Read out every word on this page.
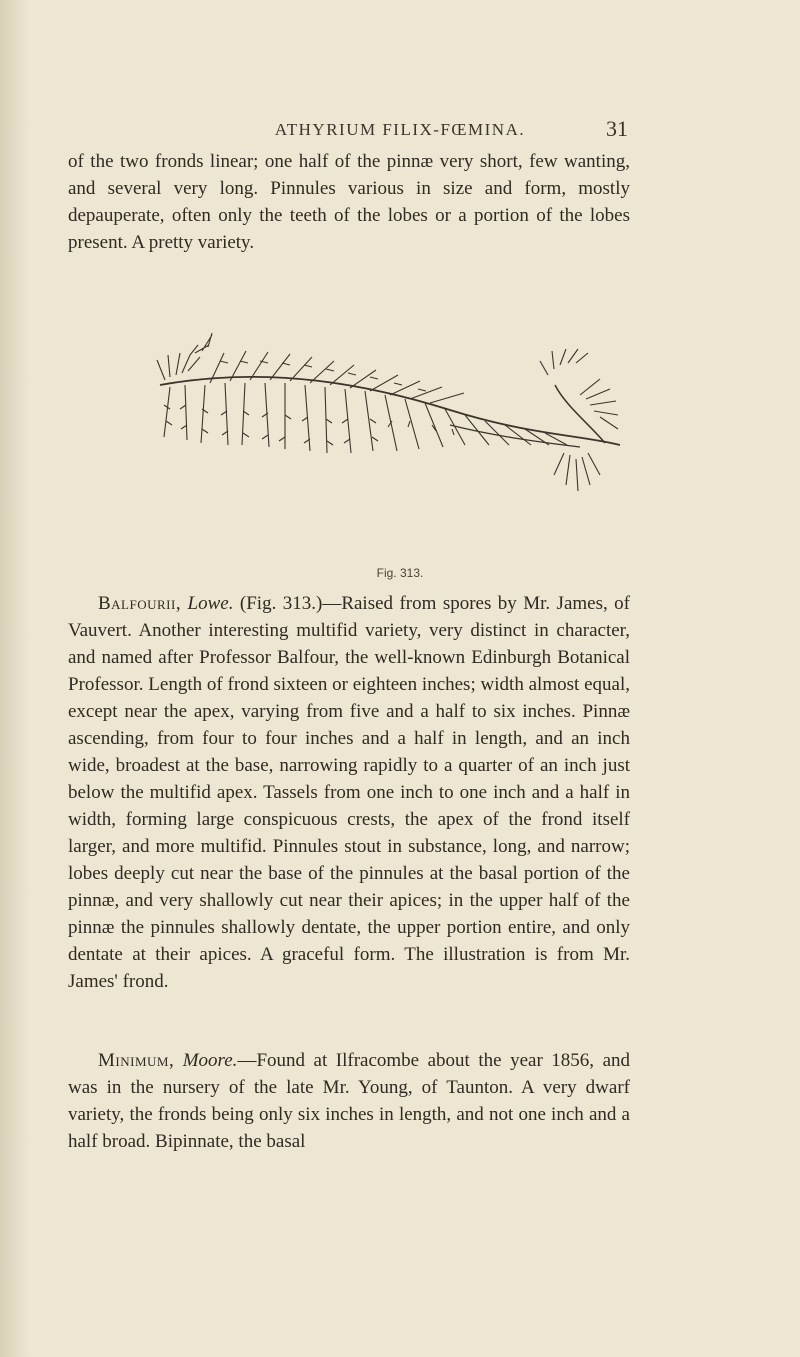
ATHYRIUM FILIX-FŒMINA.	31

of the two fronds linear; one half of the pinnæ very short, few wanting, and several very long. Pinnules various in size and form, mostly depauperate, often only the teeth of the lobes or a portion of the lobes present. A pretty variety.

Fig. 313.

Balfourii, Lowe. (Fig. 313.)—Raised from spores by Mr. James, of Vauvert. Another interesting multifid variety, very distinct in character, and named after Professor Balfour, the well-known Edinburgh Botanical Professor. Length of frond sixteen or eighteen inches; width almost equal, except near the apex, varying from five and a half to six inches. Pinnæ ascending, from four to four inches and a half in length, and an inch wide, broadest at the base, narrowing rapidly to a quarter of an inch just below the multifid apex. Tassels from one inch to one inch and a half in width, forming large conspicuous crests, the apex of the frond itself larger, and more multifid. Pinnules stout in substance, long, and narrow; lobes deeply cut near the base of the pinnules at the basal portion of the pinnæ, and very shallowly cut near their apices; in the upper half of the pinnæ the pinnules shallowly dentate, the upper portion entire, and only dentate at their apices. A graceful form. The illustration is from Mr. James' frond.

Minimum, Moore.—Found at Ilfracombe about the year 1856, and was in the nursery of the late Mr. Young, of Taunton. A very dwarf variety, the fronds being only six inches in length, and not one inch and a half broad. Bipinnate, the basal
